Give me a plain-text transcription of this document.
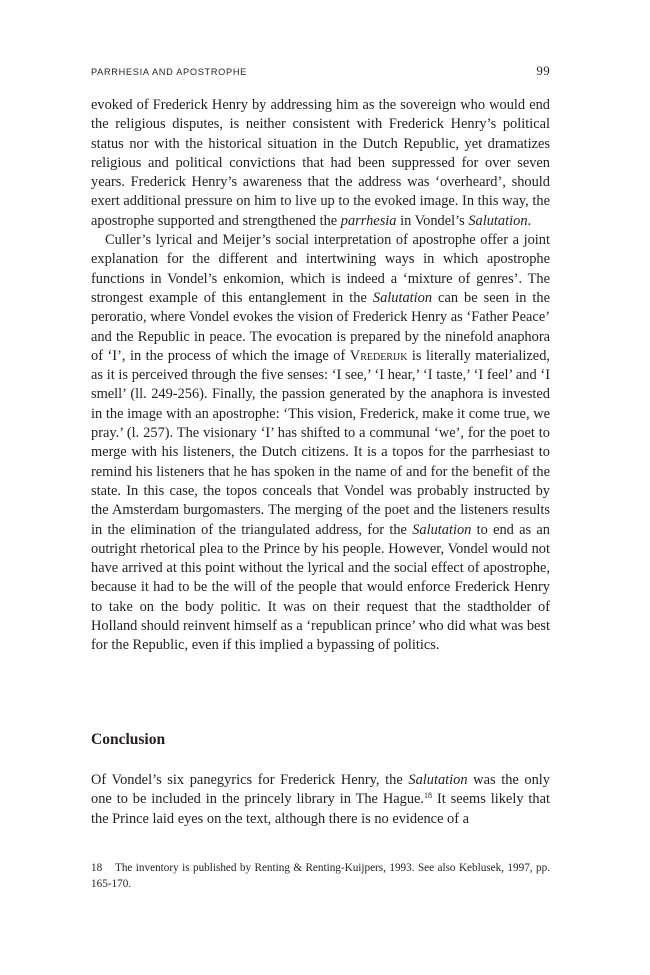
PARRHESIA AND APOSTROPHE	99

evoked of Frederick Henry by addressing him as the sovereign who would end the religious disputes, is neither consistent with Frederick Henry’s political status nor with the historical situation in the Dutch Republic, yet dramatizes religious and political convictions that had been suppressed for over seven years. Frederick Henry’s awareness that the address was ‘overheard’, should exert additional pressure on him to live up to the evoked image. In this way, the apostrophe supported and strengthened the parrhesia in Vondel’s Salutation.

Culler’s lyrical and Meijer’s social interpretation of apostrophe offer a joint explanation for the different and intertwining ways in which apostrophe functions in Vondel’s enkomion, which is indeed a ‘mixture of genres’. The strongest example of this entanglement in the Salutation can be seen in the peroratio, where Vondel evokes the vision of Frederick Henry as ‘Father Peace’ and the Republic in peace. The evocation is prepared by the ninefold anaphora of ‘I’, in the process of which the image of Vrederijk is literally materialized, as it is perceived through the five senses: ‘I see,’ ‘I hear,’ ‘I taste,’ ‘I feel’ and ‘I smell’ (ll. 249-256). Finally, the passion generated by the anaphora is invested in the image with an apostrophe: ‘This vision, Frederick, make it come true, we pray.’ (l. 257). The visionary ‘I’ has shifted to a communal ‘we’, for the poet to merge with his listeners, the Dutch citizens. It is a topos for the parrhesiast to remind his listeners that he has spoken in the name of and for the benefit of the state. In this case, the topos conceals that Vondel was probably instructed by the Amsterdam burgomasters. The merging of the poet and the listeners results in the elimination of the triangulated address, for the Salutation to end as an outright rhetorical plea to the Prince by his people. However, Vondel would not have arrived at this point without the lyrical and the social effect of apostrophe, because it had to be the will of the people that would enforce Frederick Henry to take on the body politic. It was on their request that the stadtholder of Holland should reinvent himself as a ‘republican prince’ who did what was best for the Republic, even if this implied a bypassing of politics.

Conclusion

Of Vondel’s six panegyrics for Frederick Henry, the Salutation was the only one to be included in the princely library in The Hague.$^{18}$ It seems likely that the Prince laid eyes on the text, although there is no evidence of a

18 The inventory is published by Renting & Renting-Kuijpers, 1993. See also Keblusek, 1997, pp. 165-170.
